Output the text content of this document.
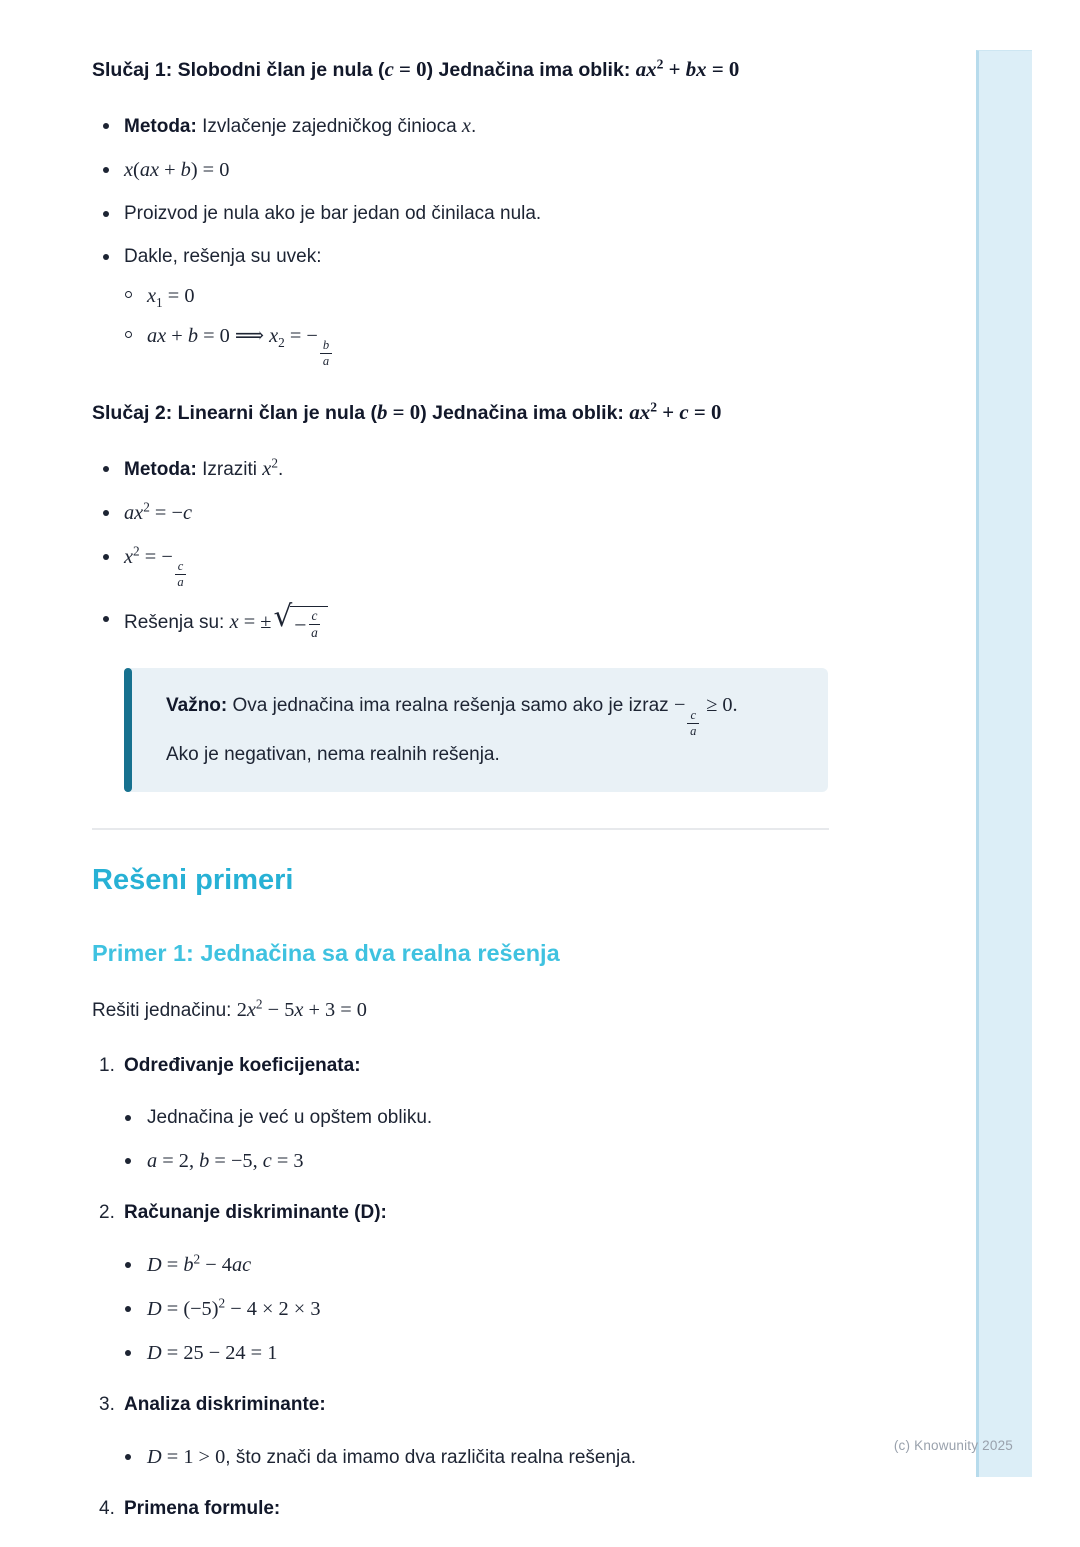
Slučaj 1: Slobodni član je nula (c = 0) Jednačina ima oblik: $ax^2$ + bx = 0
Metoda: Izvlačenje zajedničkog činioca x.
x(ax + b) = 0
Proizvod je nula ako je bar jedan od činilaca nula.
Dakle, rešenja su uvek:
$x_1 = 0$
ax + b = 0 ⟹ $x_2$ = −
$\frac{b}{a}$
Slučaj 2: Linearni član je nula (b = 0) Jednačina ima oblik: $ax^2 + c = 0$
Metoda: Izraziti $x^2$.
$ax^2 = -c$
$x^2$ = −
$\frac{c}{a}$
Rešenja su: x = ± √ − $\frac{c}{a}$
Važno: Ova jednačina ima realna rešenja samo ako je izraz −
$\frac{c}{a}$
≥ 0.
Ako je negativan, nema realnih rešenja.
Rešeni primeri
Primer 1: Jednačina sa dva realna rešenja

Rešiti jednačinu: $2x^2 - 5x + 3 = 0$

1. Određivanje koeficijenata:
Jednačina je već u opštem obliku.
a = 2, b = −5, c = 3
2. Računanje diskriminante (D):
$D = b^2 - 4ac$
$D = (-5)^2 - 4 \times 2 \times 3$
D = 25 − 24 = 1
3. Analiza diskriminante:
D = 1 > 0, što znači da imamo dva različita realna rešenja.
4. Primena formule:
(c) Knowunity 2025
